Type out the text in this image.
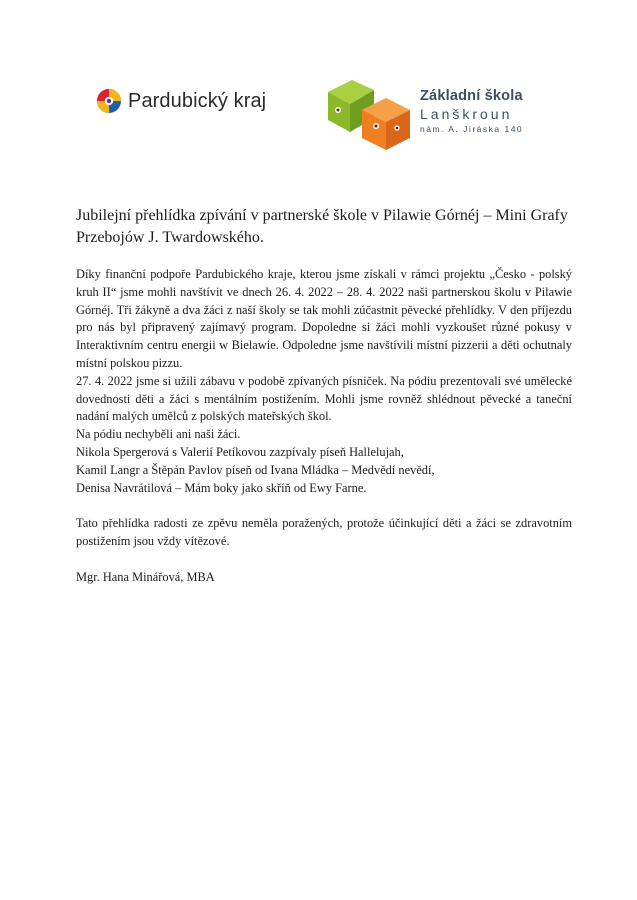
Pardubický kraj	Základní škola
Lanškroun
nám. A. Jiráska 140
Jubilejní přehlídka zpívání v partnerské škole v Pilawie Górnéj – Mini Grafy Przebojów J. Twardowského.

Díky finanční podpoře Pardubického kraje, kterou jsme získali v rámci projektu „Česko - polský kruh II“ jsme mohli navštívit ve dnech 26. 4. 2022 – 28. 4. 2022 naši partnerskou školu v Pilawie Górnéj. Tři žákyně a dva žáci z naší školy se tak mohli zúčastnit pěvecké přehlídky. V den příjezdu pro nás byl připravený zajímavý program. Dopoledne si žáci mohli vyzkoušet různé pokusy v Interaktivním centru energii w Bielawie. Odpoledne jsme navštívili místní pizzerii a děti ochutnaly místní polskou pizzu.

27. 4. 2022 jsme si užili zábavu v podobě zpívaných písniček. Na pódiu prezentovali své umělecké dovednosti děti a žáci s mentálním postižením. Mohli jsme rovněž shlédnout pěvecké a taneční nadání malých umělců z polských mateřských škol.

Na pódiu nechyběli ani naši žáci.

Nikola Spergerová s Valerií Petíkovou zazpívaly píseň Hallelujah,

Kamil Langr a Štěpán Pavlov píseň od Ivana Mládka – Medvědí nevědí,

Denisa Navrátilová – Mám boky jako skříň od Ewy Farne.

Tato přehlídka radosti ze zpěvu neměla poražených, protože účinkující děti a žáci se zdravotním postižením jsou vždy vítězové.

Mgr. Hana Minářová, MBA
